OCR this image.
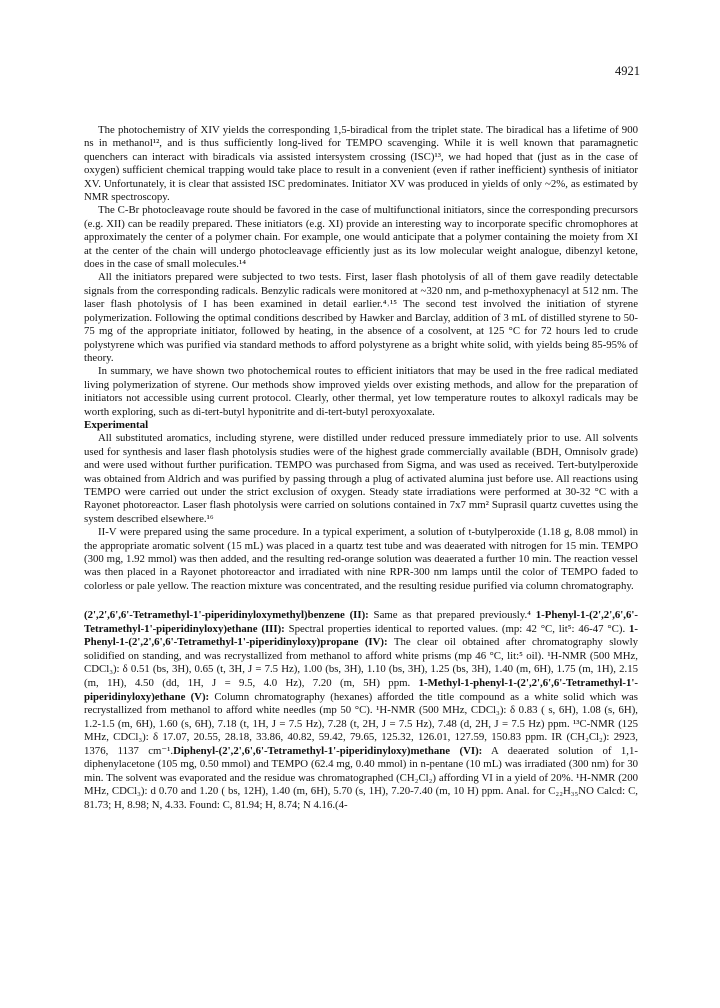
4921

The photochemistry of XIV yields the corresponding 1,5-biradical from the triplet state. The biradical has a lifetime of 900 ns in methanol¹², and is thus sufficiently long-lived for TEMPO scavenging. While it is well known that paramagnetic quenchers can interact with biradicals via assisted intersystem crossing (ISC)¹³, we had hoped that (just as in the case of oxygen) sufficient chemical trapping would take place to result in a convenient (even if rather inefficient) synthesis of initiator XV. Unfortunately, it is clear that assisted ISC predominates. Initiator XV was produced in yields of only ~2%, as estimated by NMR spectroscopy.

The C-Br photocleavage route should be favored in the case of multifunctional initiators, since the corresponding precursors (e.g. XII) can be readily prepared. These initiators (e.g. XI) provide an interesting way to incorporate specific chromophores at approximately the center of a polymer chain. For example, one would anticipate that a polymer containing the moiety from XI at the center of the chain will undergo photocleavage efficiently just as its low molecular weight analogue, dibenzyl ketone, does in the case of small molecules.¹⁴

All the initiators prepared were subjected to two tests. First, laser flash photolysis of all of them gave readily detectable signals from the corresponding radicals. Benzylic radicals were monitored at ~320 nm, and p-methoxyphenacyl at 512 nm. The laser flash photolysis of I has been examined in detail earlier.⁴˒¹⁵ The second test involved the initiation of styrene polymerization. Following the optimal conditions described by Hawker and Barclay, addition of 3 mL of distilled styrene to 50-75 mg of the appropriate initiator, followed by heating, in the absence of a cosolvent, at 125 °C for 72 hours led to crude polystyrene which was purified via standard methods to afford polystyrene as a bright white solid, with yields being 85-95% of theory.

In summary, we have shown two photochemical routes to efficient initiators that may be used in the free radical mediated living polymerization of styrene. Our methods show improved yields over existing methods, and allow for the preparation of initiators not accessible using current protocol. Clearly, other thermal, yet low temperature routes to alkoxyl radicals may be worth exploring, such as di-tert-butyl hyponitrite and di-tert-butyl peroxyoxalate.

Experimental

All substituted aromatics, including styrene, were distilled under reduced pressure immediately prior to use. All solvents used for synthesis and laser flash photolysis studies were of the highest grade commercially available (BDH, Omnisolv grade) and were used without further purification. TEMPO was purchased from Sigma, and was used as received. Tert-butylperoxide was obtained from Aldrich and was purified by passing through a plug of activated alumina just before use. All reactions using TEMPO were carried out under the strict exclusion of oxygen. Steady state irradiations were performed at 30-32 °C with a Rayonet photoreactor. Laser flash photolysis were carried on solutions contained in 7x7 mm² Suprasil quartz cuvettes using the system described elsewhere.¹⁶

II-V were prepared using the same procedure. In a typical experiment, a solution of t-butylperoxide (1.18 g, 8.08 mmol) in the appropriate aromatic solvent (15 mL) was placed in a quartz test tube and was deaerated with nitrogen for 15 min. TEMPO (300 mg, 1.92 mmol) was then added, and the resulting red-orange solution was deaerated a further 10 min. The reaction vessel was then placed in a Rayonet photoreactor and irradiated with nine RPR-300 nm lamps until the color of TEMPO faded to colorless or pale yellow. The reaction mixture was concentrated, and the resulting residue purified via column chromatography.

(2',2',6',6'-Tetramethyl-1'-piperidinyloxymethyl)benzene (II): Same as that prepared previously.⁴ 1-Phenyl-1-(2',2',6',6'-Tetramethyl-1'-piperidinyloxy)ethane (III): Spectral properties identical to reported values. (mp: 42 °C, lit⁵: 46-47 °C). 1-Phenyl-1-(2',2',6',6'-Tetramethyl-1'-piperidinyloxy)propane (IV): The clear oil obtained after chromatography slowly solidified on standing, and was recrystallized from methanol to afford white prisms (mp 46 °C, lit:⁵ oil). ¹H-NMR (500 MHz, CDCl₃): δ 0.51 (bs, 3H), 0.65 (t, 3H, J = 7.5 Hz), 1.00 (bs, 3H), 1.10 (bs, 3H), 1.25 (bs, 3H), 1.40 (m, 6H), 1.75 (m, 1H), 2.15 (m, 1H), 4.50 (dd, 1H, J = 9.5, 4.0 Hz), 7.20 (m, 5H) ppm. 1-Methyl-1-phenyl-1-(2',2',6',6'-Tetramethyl-1'-piperidinyloxy)ethane (V): Column chromatography (hexanes) afforded the title compound as a white solid which was recrystallized from methanol to afford white needles (mp 50 °C). ¹H-NMR (500 MHz, CDCl₃): δ 0.83 ( s, 6H), 1.08 (s, 6H), 1.2-1.5 (m, 6H), 1.60 (s, 6H), 7.18 (t, 1H, J = 7.5 Hz), 7.28 (t, 2H, J = 7.5 Hz), 7.48 (d, 2H, J = 7.5 Hz) ppm. ¹³C-NMR (125 MHz, CDCl₃): δ 17.07, 20.55, 28.18, 33.86, 40.82, 59.42, 79.65, 125.32, 126.01, 127.59, 150.83 ppm. IR (CH₂Cl₂): 2923, 1376, 1137 cm⁻¹.Diphenyl-(2',2',6',6'-Tetramethyl-1'-piperidinyloxy)methane (VI): A deaerated solution of 1,1-diphenylacetone (105 mg, 0.50 mmol) and TEMPO (62.4 mg, 0.40 mmol) in n-pentane (10 mL) was irradiated (300 nm) for 30 min. The solvent was evaporated and the residue was chromatographed (CH₂Cl₂) affording VI in a yield of 20%. ¹H-NMR (200 MHz, CDCl₃): d 0.70 and 1.20 ( bs, 12H), 1.40 (m, 6H), 5.70 (s, 1H), 7.20-7.40 (m, 10 H) ppm. Anal. for C₂₂H₃₅NO Calcd: C, 81.73; H, 8.98; N, 4.33. Found: C, 81.94; H, 8.74; N 4.16.(4-
